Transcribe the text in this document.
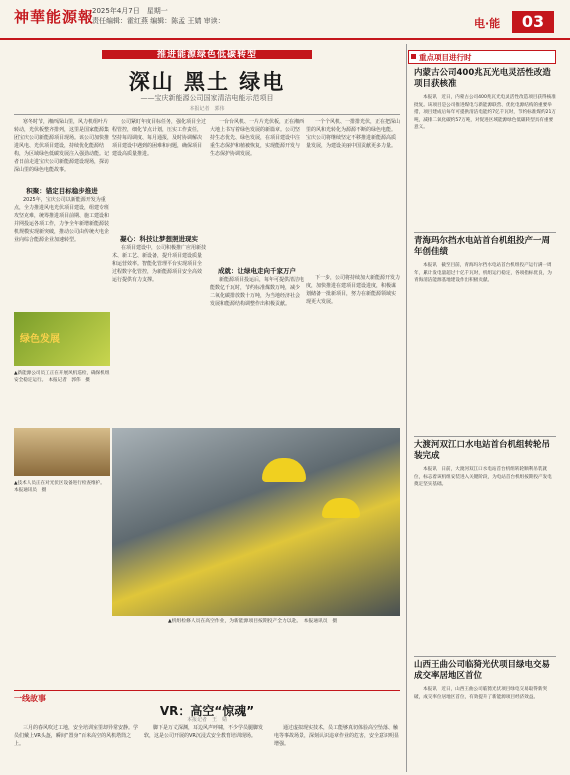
神華能源報
2025年4月7日　星期一
责任编辑：霍红燕 编辑：陈孟 王婧 审读：	电·能	03
推进能源绿色低碳转型
深山 黑土 绿电
——宝庆新能源公司国家清洁电能示范项目
本报记者　郭伟
寒冬时节，湘西深山里，风力机组叶片转动，光伏板整齐排列，这里是国家能源集团宝庆公司新能源项目现场。该公司加快推进风电、光伏项目建设，持续优化能源结构，为区域绿色低碳发展注入强劲动能。记者日前走进宝庆公司新能源建设现场，探访深山里的绿色电能故事。
积聚：锚定目标稳步推进
2025年，宝庆公司以新能源开发为重点，全力推进风电光伏项目建设，组建专班攻坚克难，统筹推进项目前期、施工建设和并网投运各项工作，力争全年新增新能源装机规模实现新突破，推动公司由传统火电企业向综合能源企业加速转型。
公司紧盯年度目标任务，强化项目全过程管控，细化节点计划，压实工作责任，坚持每周调度、每月通报，及时协调解决项目建设中遇到的困难和问题，确保项目建设高质量推进。
凝心：科技让梦想照进现实
在项目建设中，公司积极推广应用新技术、新工艺、新设备，提升项目建设质量和运营效率。智能化管理平台实现项目全过程数字化管控，为新能源项目安全高效运行提供有力支撑。
一台台风机、一片片光伏板，正在湘西大地上书写着绿色发展的新篇章。公司坚持生态优先、绿色发展，在项目建设中注重生态保护和植被恢复，实现能源开发与生态保护协调发展。
成就：让绿电走向千家万户
新能源项目投运后，每年可提供清洁电能数亿千瓦时，节约标准煤数万吨，减少二氧化碳排放数十万吨，为当地经济社会发展和能源结构调整作出积极贡献。
一个个风机、一排排光伏，正在把深山里的风和光转化为源源不断的绿色电能。宝庆公司将继续坚定不移推进新能源高质量发展，为建设美丽中国贡献更多力量。
下一步，公司将持续加大新能源开发力度，加快推进在建项目建设进度，积极谋划储备一批新项目，努力在新能源领域实现更大发展。
绿色发展
▲新能源公司员工正在开展风机巡检，确保机组安全稳定运行。　本报记者　郭伟　摄
▲技术人员正在对光伏区设备进行检查维护。　本报通讯员　摄
▲机组检修人员在高空作业，为新能源项目按期投产全力以赴。　本报通讯员　摄
一线故事
VR：高空“惊魂”
本报记者　王　婧
三月的春风吹过工地，安全培训室里却异常安静。学员们戴上VR头盔，瞬间“置身”百米高空的风机塔筒之上。
脚下是万丈深渊，耳边风声呼啸，不少学员腿脚发软，这是公司开展的VR沉浸式安全教育培训现场。
通过虚拟现实技术，员工能够真切体验高空坠落、触电等事故场景，深刻认识违章作业的危害，安全意识明显增强。
重点项目进行时
内蒙古公司400兆瓦光电灵活性改造项目获核准
本报讯　近日，内蒙古公司400兆瓦光电灵活性改造项目获得核准批复。该项目是公司推进煤电与新能源联营、优化电源结构的重要举措，项目建成后每年可提供清洁电能约7亿千瓦时，节约标准煤约21万吨，减排二氧化碳约57万吨，对促进区域能源绿色低碳转型具有重要意义。
青海玛尔挡水电站首台机组投产一周年创佳绩
本报讯　截至目前，青海玛尔挡水电站首台机组投产运行满一周年，累计发电量超过十亿千瓦时，机组运行稳定，各项指标优良，为青海清洁能源基地建设作出积极贡献。
大渡河双江口水电站首台机组转轮吊装完成
本报讯　日前，大渡河双江口水电站首台机组转轮顺利吊装就位，标志着该机组安装进入关键阶段，为电站首台机组按期投产发电奠定坚实基础。
山西王曲公司临猗光伏项目绿电交易成交率居地区首位
本报讯　近日，山西王曲公司临猗光伏项目绿电交易取得新突破，成交率位居地区首位，有效提升了新能源项目经济效益。
